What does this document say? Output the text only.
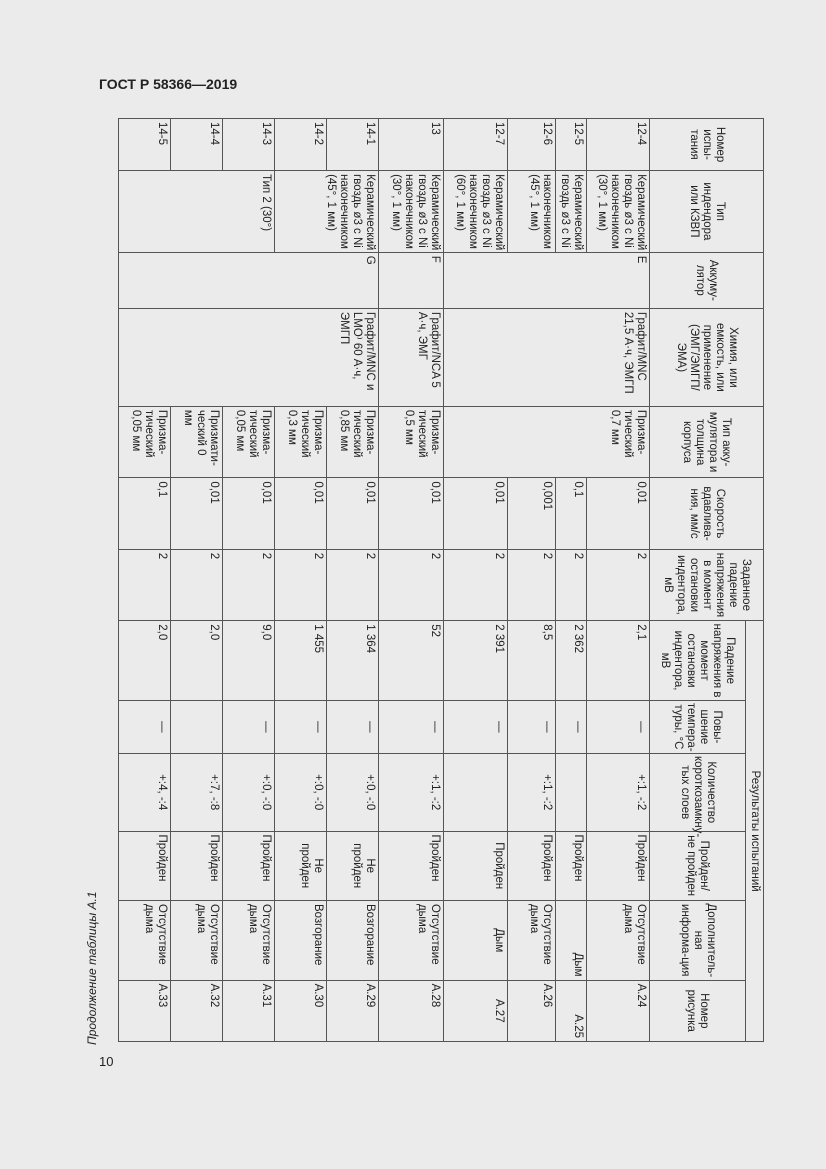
ГОСТ Р 58366—2019
Продолжение таблицы А.1
10
Номер испы-тания	Тип индендора или КЗВП	Аккуму-лятор	Химия, или емкость, или применение (ЭМГ/ЭМГП/ЭМА)	Тип акку-мулятора и толщина корпуса	Скорость вдавлива-ния, мм/с	Заданное падение напряжения в момент остановки индентора, мВ	Результаты испытаний					
							Падение напряжения в момент остановки индентора, мВ	Повы-шение темпера-туры, °С	Количество короткозамкну-тых слоев	Пройден/ не пройден	Дополнитель-ная информа-ция	Номер рисунка
12-4	Керамический гвоздь ø3 с Ni наконечником (30°, 1 мм)	E	Графит/MNC 21,5 А·ч, ЭМГП	Призма-тический 0,7 мм	0,01	2	2,1	—	+:1, -:2	Пройден	Отсутствие дыма	А.24
12-5	Керамический гвоздь ø3 с Ni				0,1	2	2 362	—		Пройден	Дым	А.25
12-6	наконечником (45°, 1 мм)				0,001	2	8,5	—	+:1, -:2	Пройден	Отсутствие дыма	А.26
12-7	Керамический гвоздь ø3 с Ni наконечником (60°, 1 мм)				0,01	2	2 391	—		Пройден	Дым	А.27
13	Керамический гвоздь ø3 с Ni наконечником (30°, 1 мм)	F	Графит/NCA 5 А·ч, ЭМГ	Призма-тический 0,5 мм	0,01	2	52	—	+:1, -:2	Пройден	Отсутствие дыма	А.28
14-1	Керамический гвоздь ø3 с Ni наконечником (45°, 1 мм)	G	Графит/MNC и LMO⁾ 60 А·ч, ЭМГП	Призма-тический 0,85 мм	0,01	2	1 364	—	+:0, -:0	Не пройден	Возгорание	А.29
14-2				Призма-тический 0,3 мм	0,01	2	1 455	—	+:0, -:0	Не пройден	Возгорание	А.30
14-3	Тип 2 (30°)			Призма-тический 0,05 мм	0,01	2	9,0	—	+:0, -:0	Пройден	Отсутствие дыма	А.31
14-4				Призмати-ческий 0 мм	0,01	2	2,0		+:7, -:8	Пройден	Отсутствие дыма	А.32
14-5				Призма-тический 0,05 мм	0,1	2	2,0	—	+:4, -:4	Пройден	Отсутствие дыма	А.33
